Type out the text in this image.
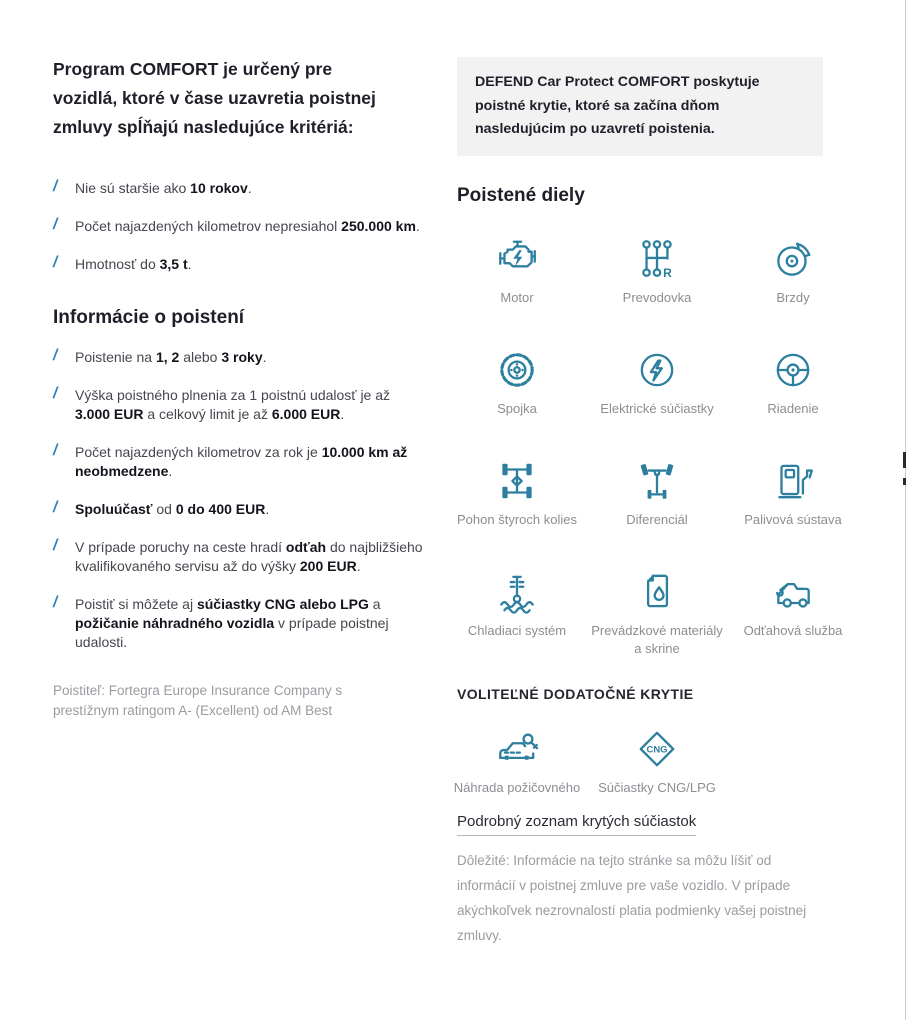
Program COMFORT je určený pre vozidlá, ktoré v čase uzavretia poistnej zmluvy spĺňajú nasledujúce kritériá:
/	Nie sú staršie ako 10 rokov.
/	Počet najazdených kilometrov nepresiahol 250.000 km.
/	Hmotnosť do 3,5 t.
Informácie o poistení
/	Poistenie na 1, 2 alebo 3 roky.
/	Výška poistného plnenia za 1 poistnú udalosť je až 3.000 EUR a celkový limit je až 6.000 EUR.
/	Počet najazdených kilometrov za rok je 10.000 km až neobmedzene.
/	Spoluúčasť od 0 do 400 EUR.
/	V prípade poruchy na ceste hradí odťah do najbližšieho kvalifikovaného servisu až do výšky 200 EUR.
/	Poistiť si môžete aj súčiastky CNG alebo LPG a požičanie náhradného vozidla v prípade poistnej udalosti.

Poistiteľ: Fortegra Europe Insurance Company s prestížnym ratingom A- (Excellent) od AM Best

DEFEND Car Protect COMFORT poskytuje poistné krytie, ktoré sa začína dňom nasledujúcim po uzavretí poistenia.
Poistené diely
Motor
R
Prevodovka	Brzdy
Spojka	Elektrické súčiastky	Riadenie
Pohon štyroch kolies	Diferenciál	Palivová sústava
Chladiaci systém	Prevádzkové materiály a skrine
Odťahová služba
VOLITEĽNÉ DODATOČNÉ KRYTIE
Náhrada požičovného
CNG
Súčiastky CNG/LPG
Podrobný zoznam krytých súčiastok

Dôležité: Informácie na tejto stránke sa môžu líšiť od informácií v poistnej zmluve pre vaše vozidlo. V prípade akýchkoľvek nezrovnalostí platia podmienky vašej poistnej zmluvy.
